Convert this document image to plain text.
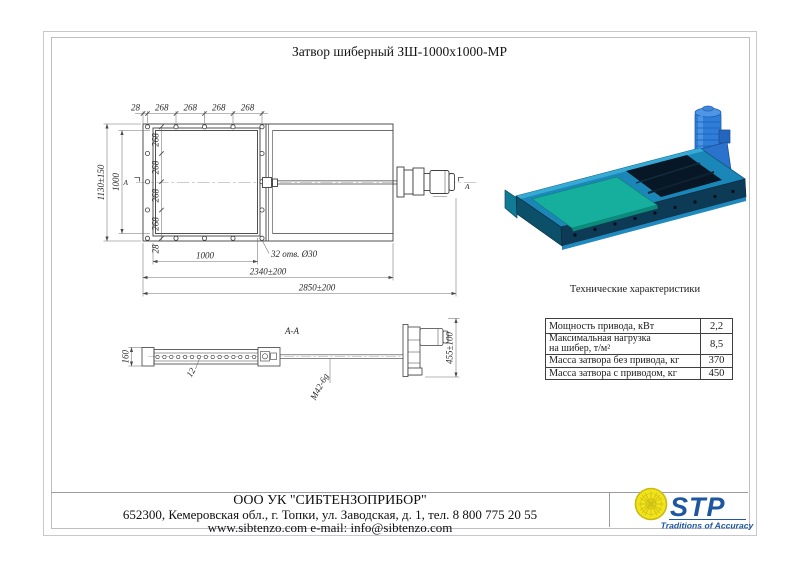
Затвор шиберный ЗШ-1000х1000-МР
28 268 268 268 268
268
268
268
268
28
1000
1130±150
1000	32 отв. Ø30
2340±200
2850±200
А	А
А-А
160
12	М42-6g
455±100
Технические характеристики
Мощность привода, кВт	2,2
Максимальная нагрузка
на шибер, т/м²	8,5
Масса затвора без привода, кг	370
Масса затвора с приводом, кг	450
ООО УК "СИБТЕНЗОПРИБОР"
652300, Кемеровская обл., г. Топки, ул. Заводская, д. 1, тел. 8 800 775 20 55
www.sibtenzo.com e-mail: info@sibtenzo.com
STP
Traditions of Accuracy
